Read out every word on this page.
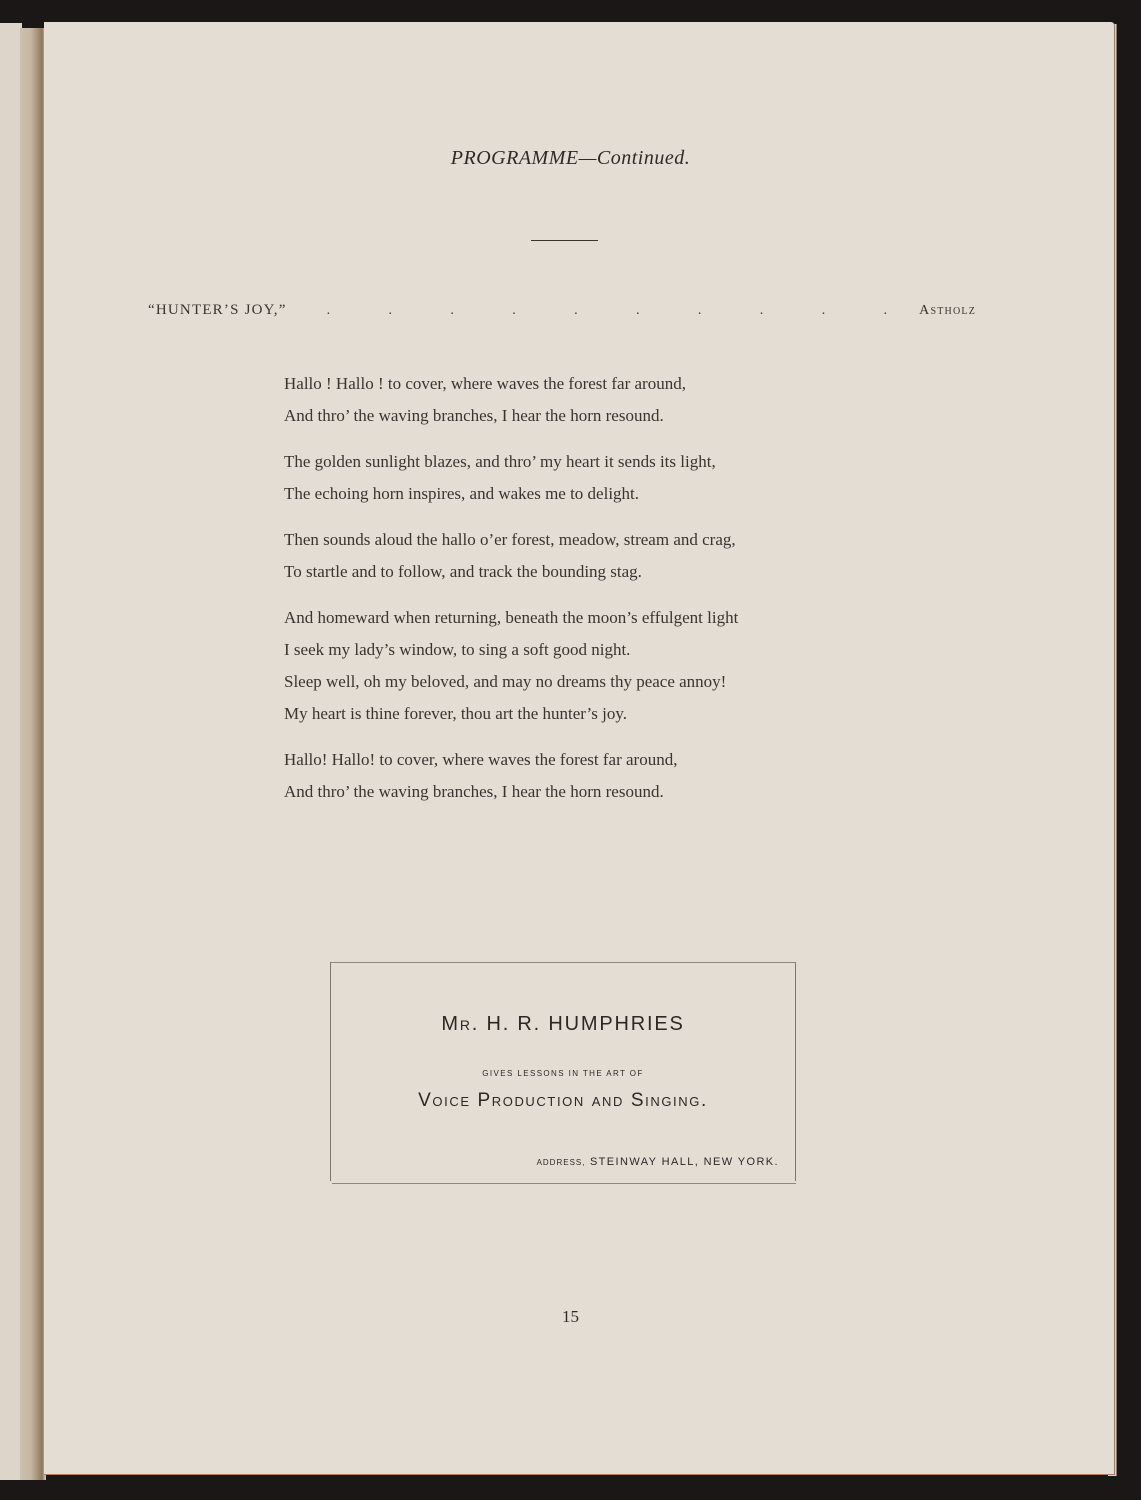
PROGRAMME—Continued.
“HUNTER’S JOY,”	.	.	.	.	.	.	.	.	.	. Astholz

Hallo ! Hallo ! to cover, where waves the forest far around,

And thro’ the waving branches, I hear the horn resound.

The golden sunlight blazes, and thro’ my heart it sends its light,

The echoing horn inspires, and wakes me to delight.

Then sounds aloud the hallo o’er forest, meadow, stream and crag,

To startle and to follow, and track the bounding stag.

And homeward when returning, beneath the moon’s effulgent light

I seek my lady’s window, to sing a soft good night.

Sleep well, oh my beloved, and may no dreams thy peace annoy!

My heart is thine forever, thou art the hunter’s joy.

Hallo! Hallo! to cover, where waves the forest far around,

And thro’ the waving branches, I hear the horn resound.

Mr. H. R. HUMPHRIES
GIVES LESSONS IN THE ART OF
Voice Production and Singing.
ADDRESS, STEINWAY HALL, NEW YORK.
15
